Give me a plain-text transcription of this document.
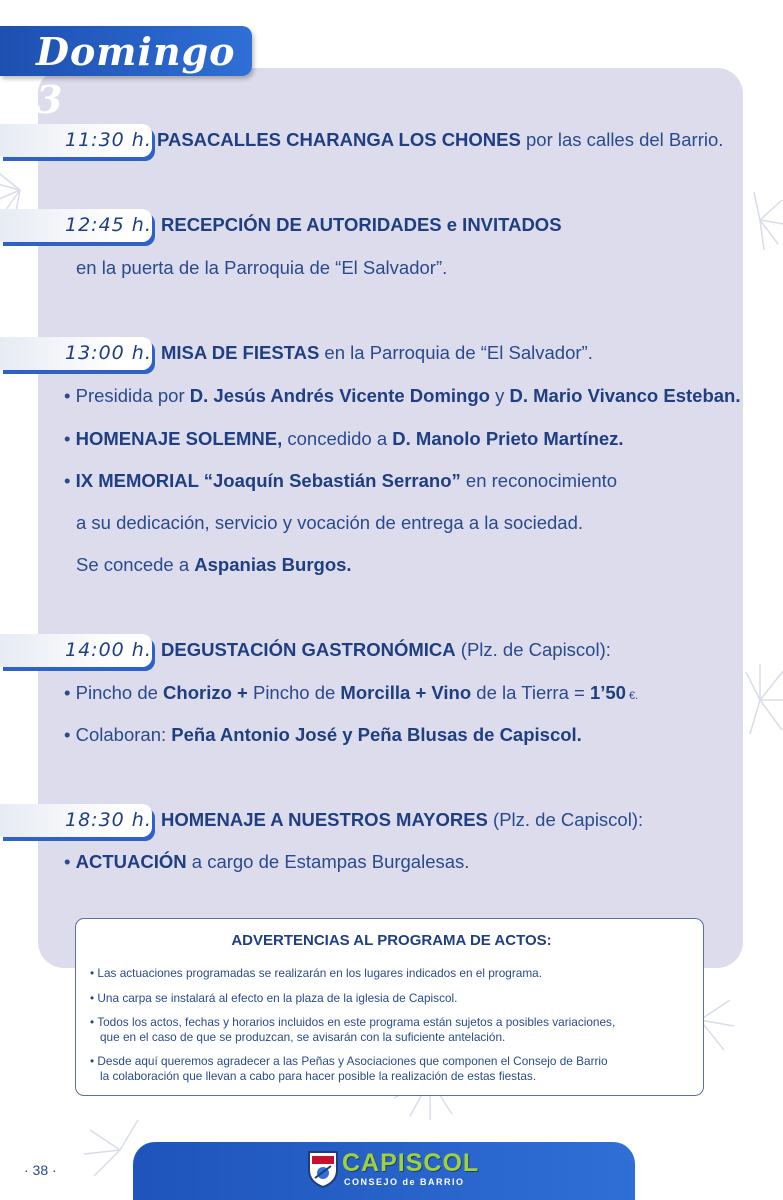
Domingo 3
11:30 h. PASACALLES CHARANGA LOS CHONES por las calles del Barrio.
12:45 h. RECEPCIÓN DE AUTORIDADES e INVITADOS
en la puerta de la Parroquia de “El Salvador”.
13:00 h. MISA DE FIESTAS en la Parroquia de “El Salvador”.
• Presidida por D. Jesús Andrés Vicente Domingo y D. Mario Vivanco Esteban.
• HOMENAJE SOLEMNE, concedido a D. Manolo Prieto Martínez.
• IX MEMORIAL “Joaquín Sebastián Serrano” en reconocimiento
a su dedicación, servicio y vocación de entrega a la sociedad.
Se concede a Aspanias Burgos.
14:00 h. DEGUSTACIÓN GASTRONÓMICA (Plz. de Capiscol):
• Pincho de Chorizo + Pincho de Morcilla + Vino de la Tierra = 1’50 €.
• Colaboran: Peña Antonio José y Peña Blusas de Capiscol.
18:30 h. HOMENAJE A NUESTROS MAYORES (Plz. de Capiscol):
• ACTUACIÓN a cargo de Estampas Burgalesas.
ADVERTENCIAS AL PROGRAMA DE ACTOS:
• Las actuaciones programadas se realizarán en los lugares indicados en el programa.
• Una carpa se instalará al efecto en la plaza de la iglesia de Capiscol.
• Todos los actos, fechas y horarios incluidos en este programa están sujetos a posibles variaciones,
que en el caso de que se produzcan, se avisarán con la suficiente antelación.
• Desde aquí queremos agradecer a las Peñas y Asociaciones que componen el Consejo de Barrio
la colaboración que llevan a cabo para hacer posible la realización de estas fiestas.
· 38 ·	CAPISCOL
CONSEJO de BARRIO
